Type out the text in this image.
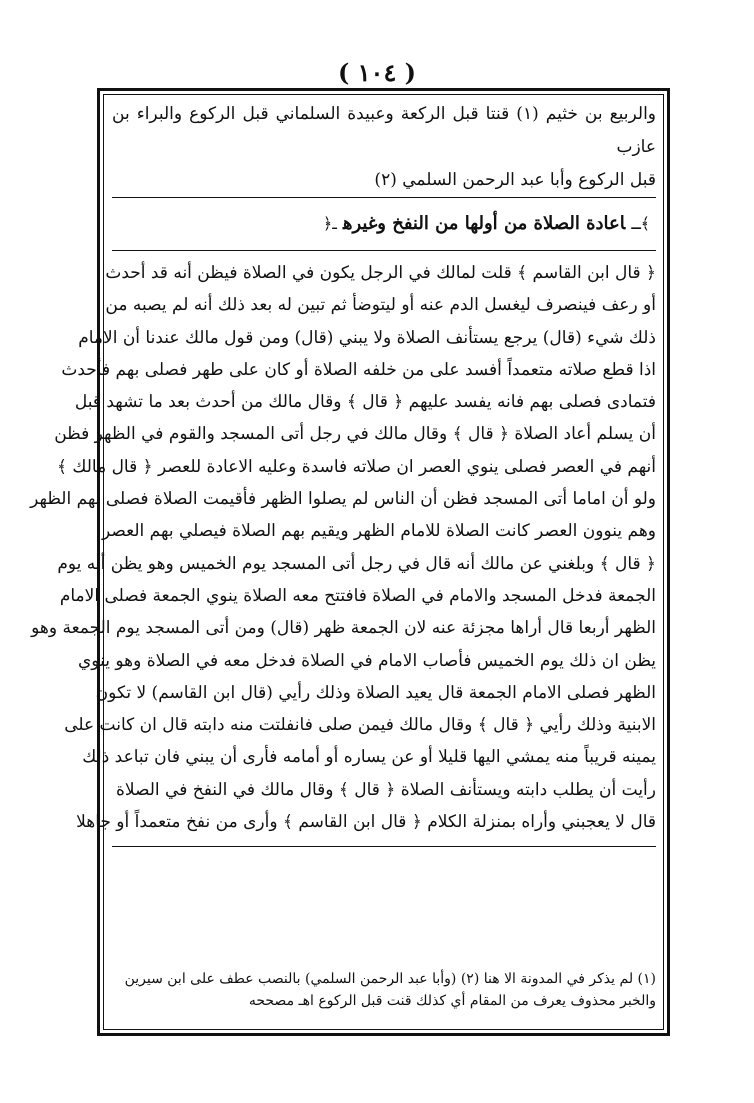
( ١٠٤ )

والربيع بن خثيم (١) قنتا قبل الركعة وعبيدة السلماني قبل الركوع والبراء بن عازب

قبل الركوع وأبا عبد الرحمن السلمي (٢)

﴾ـاعادة الصلاة من أولها من النفخ وغيرهـ﴿

﴿ قال ابن القاسم ﴾ قلت لمالك في الرجل يكون في الصلاة فيظن أنه قد أحدث

أو رعف فينصرف ليغسل الدم عنه أو ليتوضأ ثم تبين له بعد ذلك أنه لم يصبه من

ذلك شيء (قال) يرجع يستأنف الصلاة ولا يبني (قال) ومن قول مالك عندنا أن الامام

اذا قطع صلاته متعمداً أفسد على من خلفه الصلاة أو كان على طهر فصلى بهم فأحدث

فتمادى فصلى بهم فانه يفسد عليهم ﴿ قال ﴾ وقال مالك من أحدث بعد ما تشهد قبل

أن يسلم أعاد الصلاة ﴿ قال ﴾ وقال مالك في رجل أتى المسجد والقوم في الظهر فظن

أنهم في العصر فصلى ينوي العصر ان صلاته فاسدة وعليه الاعادة للعصر ﴿ قال مالك ﴾

ولو أن اماما أتى المسجد فظن أن الناس لم يصلوا الظهر فأقيمت الصلاة فصلى بهم الظهر

وهم ينوون العصر كانت الصلاة للامام الظهر ويقيم بهم الصلاة فيصلي بهم العصر

﴿ قال ﴾ وبلغني عن مالك أنه قال في رجل أتى المسجد يوم الخميس وهو يظن أنه يوم

الجمعة فدخل المسجد والامام في الصلاة فافتتح معه الصلاة ينوي الجمعة فصلى الامام

الظهر أربعا قال أراها مجزئة عنه لان الجمعة ظهر (قال) ومن أتى المسجد يوم الجمعة وهو

يظن ان ذلك يوم الخميس فأصاب الامام في الصلاة فدخل معه في الصلاة وهو ينوي

الظهر فصلى الامام الجمعة قال يعيد الصلاة وذلك رأيي (قال ابن القاسم) لا تكون

الابنية وذلك رأيي ﴿ قال ﴾ وقال مالك فيمن صلى فانفلتت منه دابته قال ان كانت على

يمينه قريباً منه يمشي اليها قليلا أو عن يساره أو أمامه فأرى أن يبني فان تباعد ذلك

رأيت أن يطلب دابته ويستأنف الصلاة ﴿ قال ﴾ وقال مالك في النفخ في الصلاة

قال لا يعجبني وأراه بمنزلة الكلام ﴿ قال ابن القاسم ﴾ وأرى من نفخ متعمداً أو جاهلا

(١) لم يذكر في المدونة الا هنا (٢) (وأبا عبد الرحمن السلمي) بالنصب عطف على ابن سيرين

والخبر محذوف يعرف من المقام أي كذلك قنت قبل الركوع اهـ مصححه
